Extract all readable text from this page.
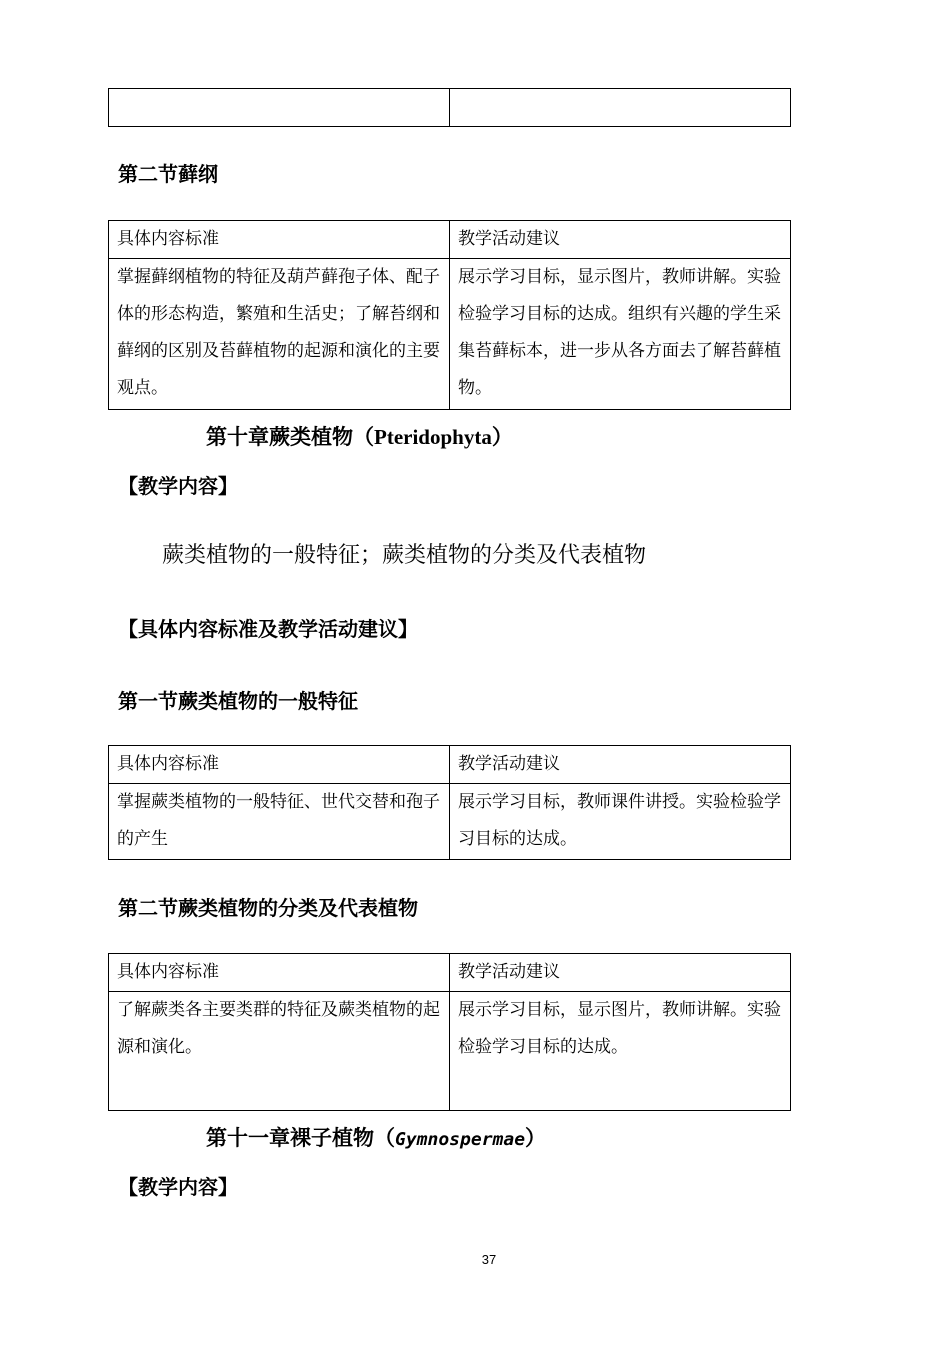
第二节藓纲
具体内容标准	教学活动建议
掌握藓纲植物的特征及葫芦藓孢子体、配子体的形态构造，繁殖和生活史；了解苔纲和藓纲的区别及苔藓植物的起源和演化的主要观点。	展示学习目标，显示图片，教师讲解。实验检验学习目标的达成。组织有兴趣的学生采集苔藓标本，进一步从各方面去了解苔藓植物。
第十章蕨类植物（Pteridophyta）
【教学内容】
蕨类植物的一般特征；蕨类植物的分类及代表植物
【具体内容标准及教学活动建议】
第一节蕨类植物的一般特征
具体内容标准	教学活动建议
掌握蕨类植物的一般特征、世代交替和孢子的产生	展示学习目标，教师课件讲授。实验检验学习目标的达成。
第二节蕨类植物的分类及代表植物
具体内容标准	教学活动建议
了解蕨类各主要类群的特征及蕨类植物的起源和演化。	展示学习目标，显示图片，教师讲解。实验检验学习目标的达成。
第十一章裸子植物（Gymnospermae）
【教学内容】
37
